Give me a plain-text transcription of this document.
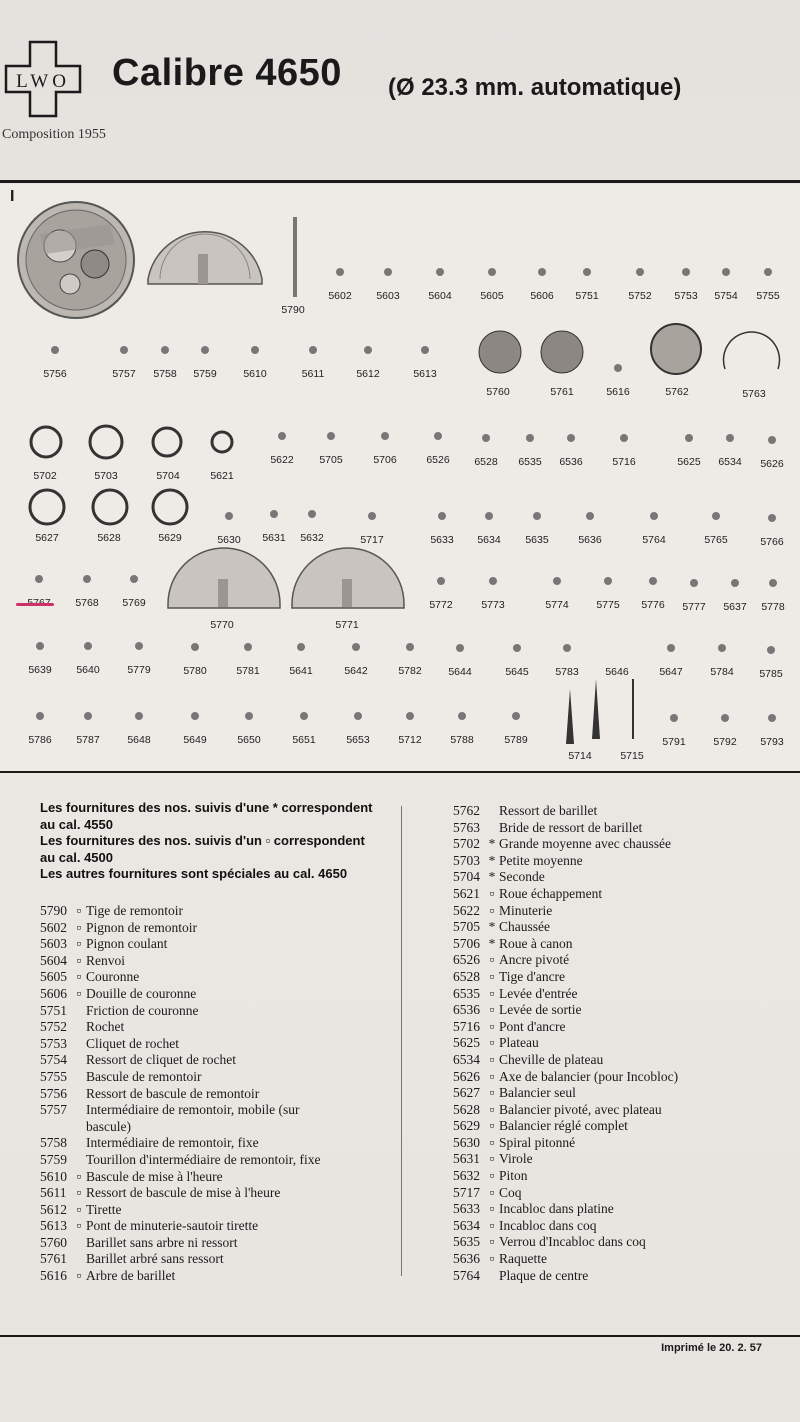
LWO Calibre 4650 (Ø 23.3 mm. automatique)
Composition 1955
5790
5602 5603	5604	5605	5606 5751	5752 5753 5754 5755
5756	5757 5758 5759	5610	5611	5612	5613
5760	5761	5616	5762	5763
5702	5703	5704	5621
5622 5705	5706	6526 6528 6535 6536	5716	5625 6534 5626
5627	5628	5629	5630 5631 5632	5717	5633 5634 5635	5636	5764	5765	5766
5768 5769
5770	5771
5772	5773	5774	5775 5776 5777 5637 5778
5639 5640	5779	5780	5781	5641	5642	5782	5644	5645	5783	5646	5647	5784 5785
5786 5787	5648	5649	5650	5651	5653	5712	5788	5789
5714	5715
5791	5792 5793
I
Les fournitures des nos. suivis d'une * correspondent
au cal. 4550
Les fournitures des nos. suivis d'un ▫ correspondent
au cal. 4500
Les autres fournitures sont spéciales au cal. 4650
5790 ▫ Tige de remontoir
5602 ▫ Pignon de remontoir
5603 ▫ Pignon coulant
5604 ▫ Renvoi
5605 ▫ Couronne
5606 ▫ Douille de couronne
5751	Friction de couronne
5752	Rochet
5753	Cliquet de rochet
5754	Ressort de cliquet de rochet
5755	Bascule de remontoir
5756	Ressort de bascule de remontoir
5757	Intermédiaire de remontoir, mobile (sur
bascule)
5758	Intermédiaire de remontoir, fixe
5759	Tourillon d'intermédiaire de remontoir, fixe
5610 ▫ Bascule de mise à l'heure
5611 ▫ Ressort de bascule de mise à l'heure
5612 ▫ Tirette
5613 ▫ Pont de minuterie-sautoir tirette
5760	Barillet sans arbre ni ressort
5761	Barillet arbré sans ressort
5616 ▫ Arbre de barillet
5762	Ressort de barillet
5763	Bride de ressort de barillet
5702 * Grande moyenne avec chaussée
5703 * Petite moyenne
5704 * Seconde
5621 ▫ Roue échappement
5622 ▫ Minuterie
5705 * Chaussée
5706 * Roue à canon
6526 ▫ Ancre pivoté
6528 ▫ Tige d'ancre
6535 ▫ Levée d'entrée
6536 ▫ Levée de sortie
5716 ▫ Pont d'ancre
5625 ▫ Plateau
6534 ▫ Cheville de plateau
5626 ▫ Axe de balancier (pour Incobloc)
5627 ▫ Balancier seul
5628 ▫ Balancier pivoté, avec plateau
5629 ▫ Balancier réglé complet
5630 ▫ Spiral pitonné
5631 ▫ Virole
5632 ▫ Piton
5717 ▫ Coq
5633 ▫ Incabloc dans platine
5634 ▫ Incabloc dans coq
5635 ▫ Verrou d'Incabloc dans coq
5636 ▫ Raquette
5764	Plaque de centre
Imprimé le 20. 2. 57
